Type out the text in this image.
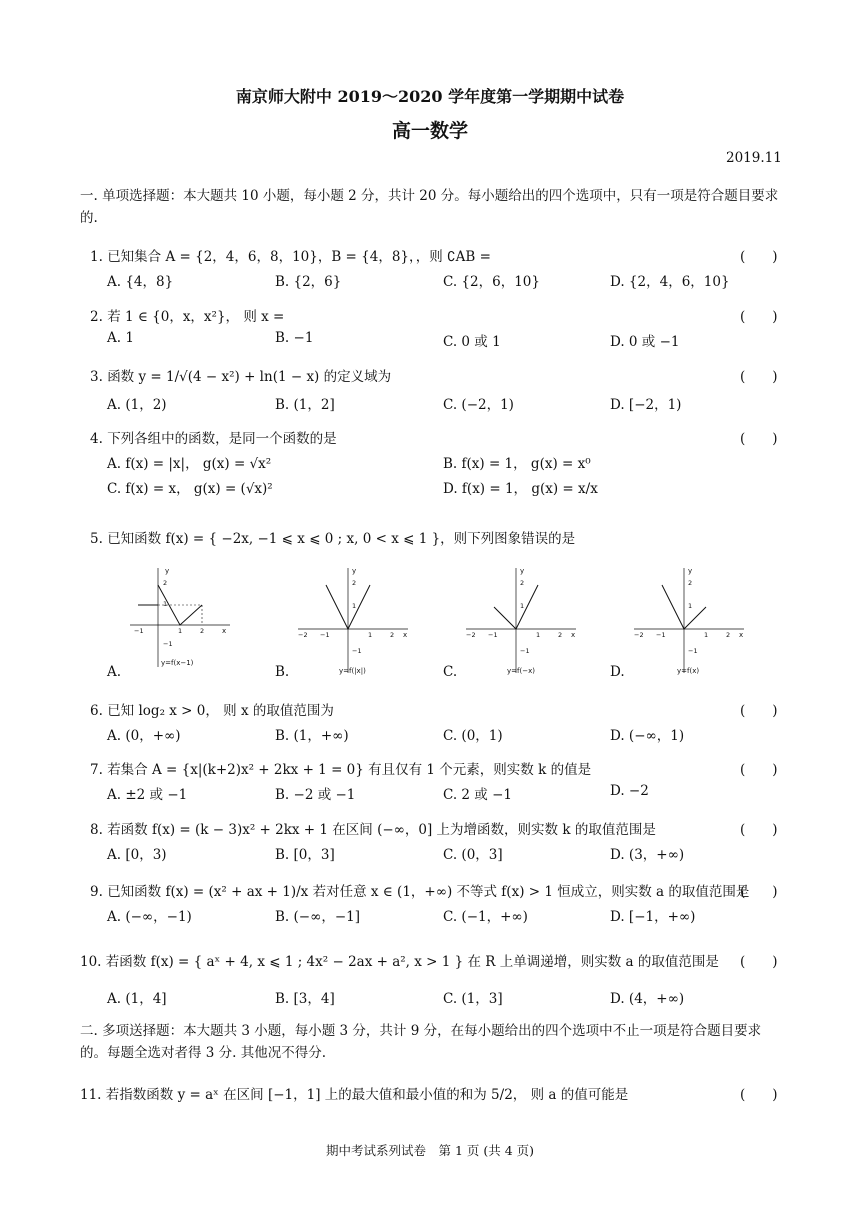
南京师大附中 2019～2020 学年度第一学期期中试卷
高一数学
2019.11
一. 单项选择题：本大题共 10 小题，每小题 2 分，共计 20 分。每小题给出的四个选项中，只有一项是符合题目要求的.
1. 已知集合 A = {2，4，6，8，10}，B = {4，8}，，则 ∁AB =	(　　)
A. {4，8}	B. {2，6}	C. {2，6，10}	D. {2，4，6，10}
2. 若 1 ∈ {0，x，x²}， 则 x =	(　　)
A. 1	B. −1	C. 0 或 1	D. 0 或 −1
3. 函数 y = 1/√(4 − x²) + ln(1 − x) 的定义域为	(　　)
A. (1，2)	B. (1，2]	C. (−2，1)	D. [−2，1)
4. 下列各组中的函数，是同一个函数的是	(　　)
A. f(x) = |x|， g(x) = √x²	B. f(x) = 1， g(x) = x⁰
C. f(x) = x， g(x) = (√x)²	D. f(x) = 1， g(x) = x/x
5. 已知函数 f(x) = { −2x, −1 ⩽ x ⩽ 0 ; x, 0 < x ⩽ 1 }，则下列图象错误的是
y
2
1
−1	1	2	x
−1
y=f(x−1)
y
2
1
−2 −1	1	2 x
−1
y=f(|x|)
y
2
1
−2 −1	1	2 x
−1
y=f(−x)
y
2
1
−2 −1	1	2 x
−1
y=f(x)
A.	B.	C.	D.
6. 已知 log₂ x > 0， 则 x 的取值范围为	(　　)
A. (0，+∞)	B. (1，+∞)	C. (0，1)	D. (−∞，1)
7. 若集合 A = {x|(k+2)x² + 2kx + 1 = 0} 有且仅有 1 个元素，则实数 k 的值是	(　　)
A. ±2 或 −1	B. −2 或 −1	C. 2 或 −1	D. −2
8. 若函数 f(x) = (k − 3)x² + 2kx + 1 在区间 (−∞，0] 上为增函数，则实数 k 的取值范围是	(　　)
A. [0，3)	B. [0，3]	C. (0，3]	D. (3，+∞)
9. 已知函数 f(x) = (x² + ax + 1)/x 若对任意 x ∈ (1，+∞) 不等式 f(x) > 1 恒成立，则实数 a 的取值范围是
(　　)
A. (−∞，−1)	B. (−∞，−1]	C. (−1，+∞)	D. [−1，+∞)
10. 若函数 f(x) = { aˣ + 4, x ⩽ 1 ; 4x² − 2ax + a², x > 1 } 在 R 上单调递增，则实数 a 的取值范围是 (　　)
A. (1，4]	B. [3，4]	C. (1，3]	D. (4，+∞)
二. 多项送择题：本大题共 3 小题，每小题 3 分，共计 9 分，在每小题给出的四个选项中不止一项是符合题目要求的。每题全选对者得 3 分. 其他况不得分.
11. 若指数函数 y = aˣ 在区间 [−1，1] 上的最大值和最小值的和为 5/2， 则 a 的值可能是	(　　)
期中考试系列试卷　第 1 页 (共 4 页)
